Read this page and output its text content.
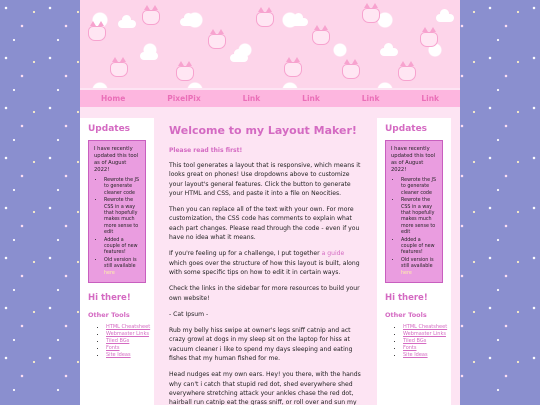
Home	PixelPix	Link	Link	Link	Link
Updates

I have recently updated this tool as of August 2022!

• Rewrote the JS to generate cleaner code
• Rewrote the CSS in a way that hopefully makes much more sense to edit
• Added a couple of new features!
• Old version is still available here
Hi there!
Other Tools
• HTML Cheatsheet
• Webmaster Links
• Tiled BGs
• Fonts
• Site Ideas
Welcome to my Layout Maker!
Please read this first!

This tool generates a layout that is responsive, which means it looks great on phones! Use dropdowns above to customize your layout's general features. Click the button to generate your HTML and CSS, and paste it into a file on Neocities.

Then you can replace all of the text with your own. For more customization, the CSS code has comments to explain what each part changes. Please read through the code - even if you have no idea what it means.

If you're feeling up for a challenge, I put together a guide which goes over the structure of how this layout is built, along with some specific tips on how to edit it in certain ways.

Check the links in the sidebar for more resources to build your own website!

- Cat Ipsum -

Rub my belly hiss swipe at owner's legs sniff catnip and act crazy growl at dogs in my sleep sit on the laptop for hiss at vacuum cleaner i like to spend my days sleeping and eating fishes that my human fished for me.

Head nudges eat my own ears. Hey! you there, with the hands why can't i catch that stupid red dot, shed everywhere shed everywhere stretching attack your ankles chase the red dot, hairball run catnip eat the grass sniff, or roll over and sun my

Updates

I have recently updated this tool as of August 2022!

• Rewrote the JS to generate cleaner code
• Rewrote the CSS in a way that hopefully makes much more sense to edit
• Added a couple of new features!
• Old version is still available here
Hi there!
Other Tools
• HTML Cheatsheet
• Webmaster Links
• Tiled BGs
• Fonts
• Site Ideas
